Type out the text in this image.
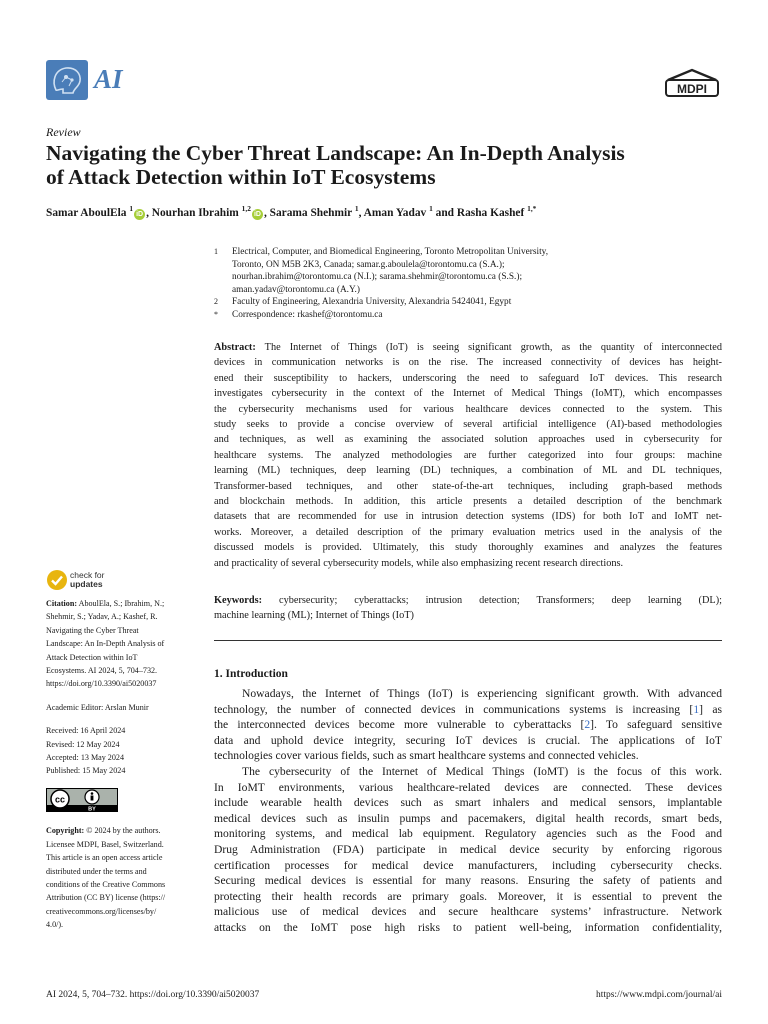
AI	MDPI
Review
Navigating the Cyber Threat Landscape: An In-Depth Analysis
of Attack Detection within IoT Ecosystems
Samar AboulEla $^1$iD , Nourhan Ibrahim $^{1,2}$iD , Sarama Shehmir $^1$, Aman Yadav $^1$ and Rasha Kashef $^{1,*}$
1	Electrical, Computer, and Biomedical Engineering, Toronto Metropolitan University,
Toronto, ON M5B 2K3, Canada; samar.g.aboulela@torontomu.ca (S.A.);
nourhan.ibrahim@torontomu.ca (N.I.); sarama.shehmir@torontomu.ca (S.S.);
aman.yadav@torontomu.ca (A.Y.)
2	Faculty of Engineering, Alexandria University, Alexandria 5424041, Egypt
*	Correspondence: rkashef@torontomu.ca
Abstract: The Internet of Things (IoT) is seeing significant growth, as the quantity of interconnected
devices in communication networks is on the rise. The increased connectivity of devices has height-
ened their susceptibility to hackers, underscoring the need to safeguard IoT devices. This research
investigates cybersecurity in the context of the Internet of Medical Things (IoMT), which encompasses
the cybersecurity mechanisms used for various healthcare devices connected to the system. This
study seeks to provide a concise overview of several artificial intelligence (AI)-based methodologies
and techniques, as well as examining the associated solution approaches used in cybersecurity for
healthcare systems. The analyzed methodologies are further categorized into four groups: machine
learning (ML) techniques, deep learning (DL) techniques, a combination of ML and DL techniques,
Transformer-based techniques, and other state-of-the-art techniques, including graph-based methods
and blockchain methods. In addition, this article presents a detailed description of the benchmark
datasets that are recommended for use in intrusion detection systems (IDS) for both IoT and IoMT net-
works. Moreover, a detailed description of the primary evaluation metrics used in the analysis of the
discussed models is provided. Ultimately, this study thoroughly examines and analyzes the features
and practicality of several cybersecurity models, while also emphasizing recent research directions.
Keywords: cybersecurity; cyberattacks; intrusion detection; Transformers; deep learning (DL);
machine learning (ML); Internet of Things (IoT)
check for
updates
Citation: AboulEla, S.; Ibrahim, N.;
Shehmir, S.; Yadav, A.; Kashef, R.
Navigating the Cyber Threat
Landscape: An In-Depth Analysis of
Attack Detection within IoT
Ecosystems. AI 2024, 5, 704–732.
https://doi.org/10.3390/ai5020037
Academic Editor: Arslan Munir
Received: 16 April 2024
Revised: 12 May 2024
Accepted: 13 May 2024
Published: 15 May 2024
cc
BY
Copyright: © 2024 by the authors.
Licensee MDPI, Basel, Switzerland.
This article is an open access article
distributed under the terms and
conditions of the Creative Commons
Attribution (CC BY) license (https://
creativecommons.org/licenses/by/
4.0/).
1. Introduction
Nowadays, the Internet of Things (IoT) is experiencing significant growth. With advanced
technology, the number of connected devices in communications systems is increasing [1] as
the interconnected devices become more vulnerable to cyberattacks [2]. To safeguard sensitive
data and uphold device integrity, securing IoT devices is crucial. The applications of IoT
technologies cover various fields, such as smart healthcare systems and connected vehicles.
The cybersecurity of the Internet of Medical Things (IoMT) is the focus of this work.
In IoMT environments, various healthcare-related devices are connected. These devices
include wearable health devices such as smart inhalers and medical sensors, implantable
medical devices such as insulin pumps and pacemakers, digital health records, smart beds,
monitoring systems, and medical lab equipment. Regulatory agencies such as the Food and
Drug Administration (FDA) participate in medical device security by enforcing rigorous
certification processes for medical device manufacturers, including cybersecurity checks.
Securing medical devices is essential for many reasons. Ensuring the safety of patients and
protecting their health records are primary goals. Moreover, it is essential to prevent the
malicious use of medical devices and secure healthcare systems’ infrastructure. Network
attacks on the IoMT pose high risks to patient well-being, information confidentiality,
AI 2024, 5, 704–732. https://doi.org/10.3390/ai5020037	https://www.mdpi.com/journal/ai
